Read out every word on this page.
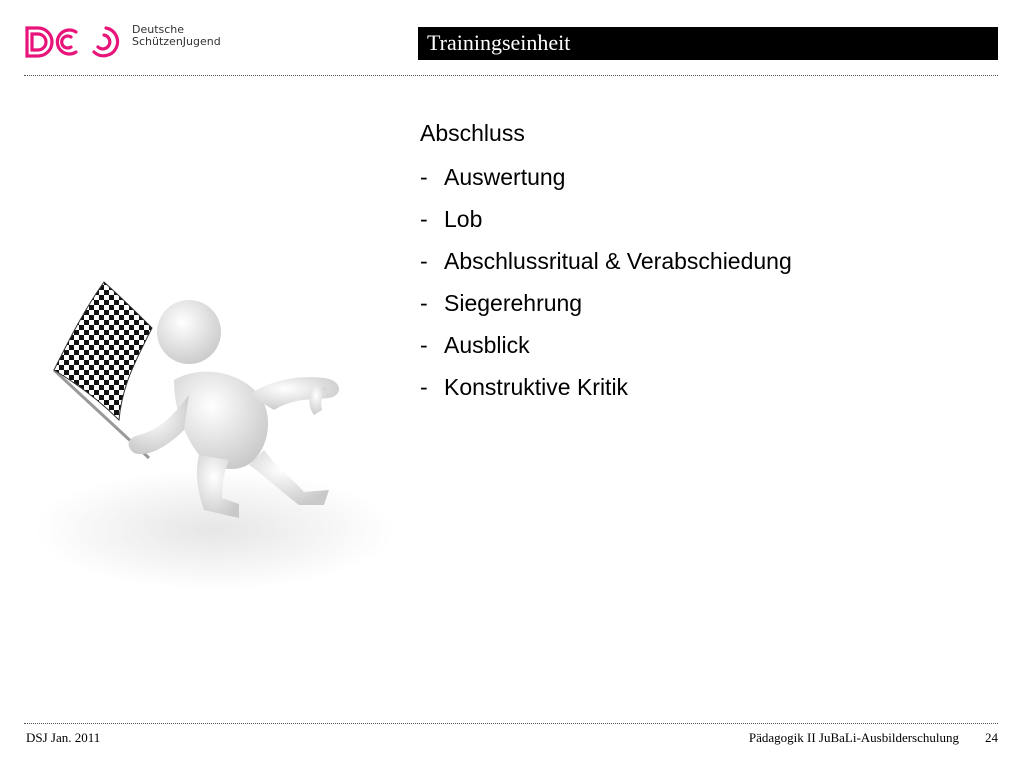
Deutsche
SchützenJugend	Trainingseinheit
Abschluss
- Auswertung
- Lob
- Abschlussritual & Verabschiedung
- Siegerehrung
- Ausblick
- Konstruktive Kritik
DSJ Jan. 2011	Pädagogik II JuBaLi-Ausbilderschulung 24
